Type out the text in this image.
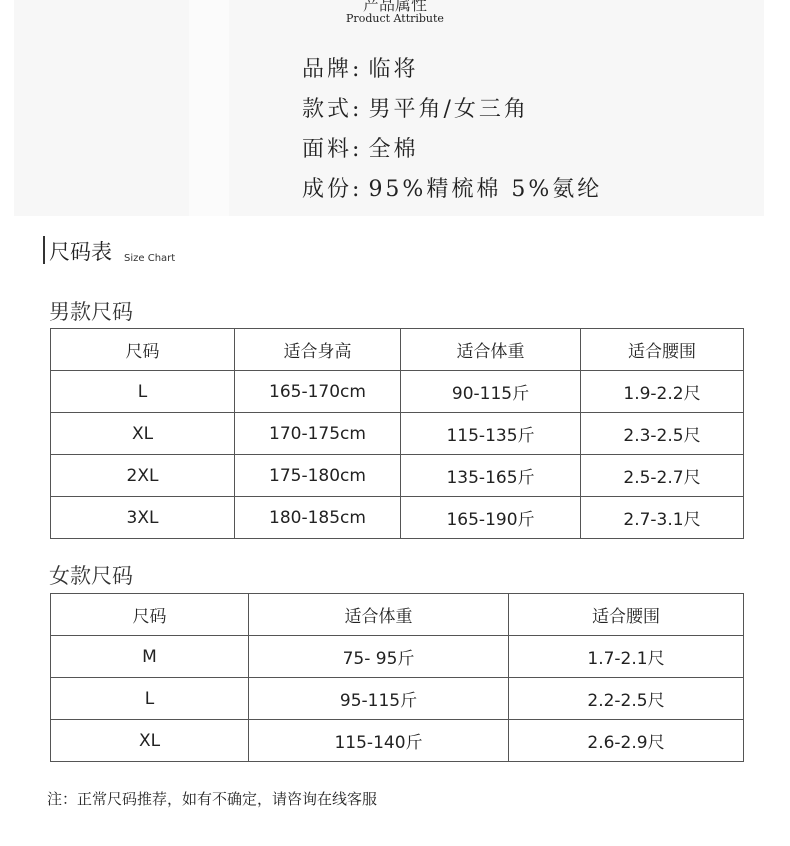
Product Attribute
品牌: 临将
款式: 男平角/女三角
面料: 全棉
成份: 95%精梳棉 5%氨纶
尺码表 $_{Size Chart}$
男款尺码
尺码	适合身高	适合体重	适合腰围
L	165-170cm	90-115斤	1.9-2.2尺
XL	170-175cm	115-135斤	2.3-2.5尺
2XL	175-180cm	135-165斤	2.5-2.7尺
3XL	180-185cm	165-190斤	2.7-3.1尺
女款尺码
尺码	适合体重	适合腰围
M	75- 95斤	1.7-2.1尺
L	95-115斤	2.2-2.5尺
XL	115-140斤	2.6-2.9尺
注：正常尺码推荐，如有不确定，请咨询在线客服
